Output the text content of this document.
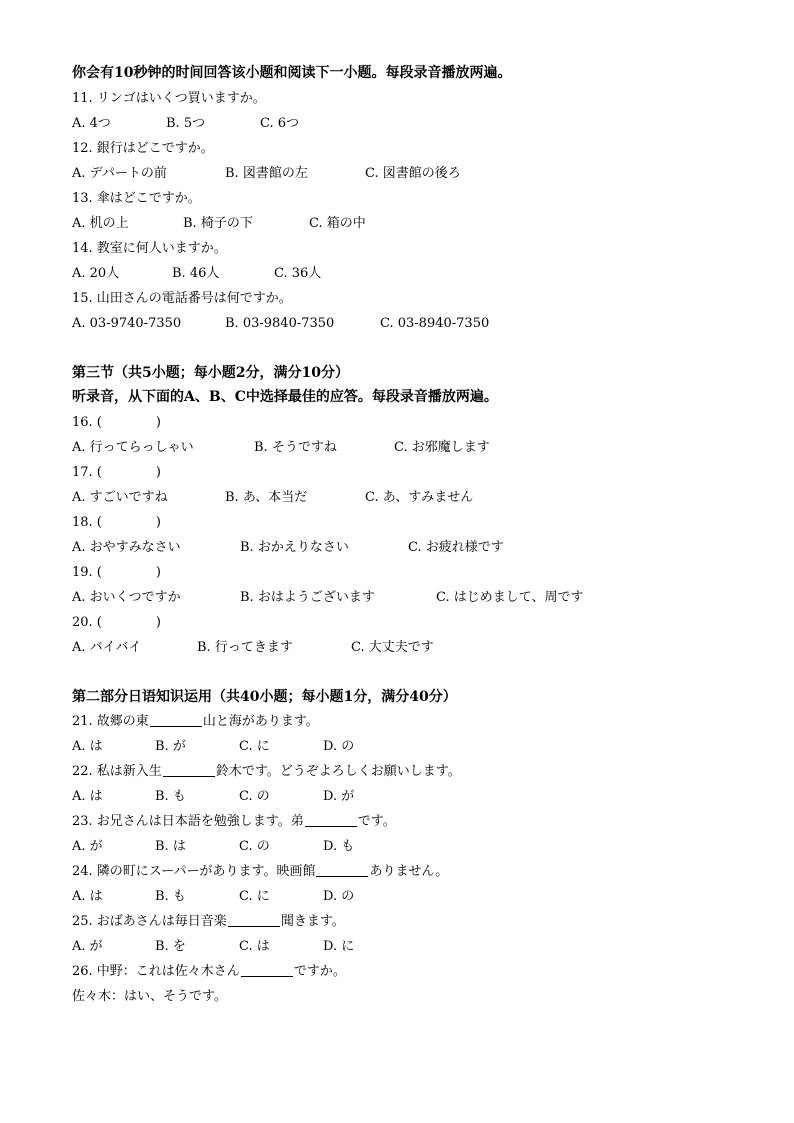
你会有10秒钟的时间回答该小题和阅读下一小题。每段录音播放两遍。
11. リンゴはいくつ買いますか。
A. 4つ	B. 5つ	C. 6つ
12. 銀行はどこですか。
A. デパートの前	B. 図書館の左	C. 図書館の後ろ
13. 傘はどこですか。
A. 机の上	B. 椅子の下	C. 箱の中
14. 教室に何人いますか。
A. 20人	B. 46人	C. 36人
15. 山田さんの電話番号は何ですか。
A. 03-9740-7350	B. 03-9840-7350	C. 03-8940-7350
第三节（共5小题；每小题2分，满分10分）
听录音，从下面的A、B、C中选择最佳的应答。每段录音播放两遍。
16. (	)
A. 行ってらっしゃい	B. そうですね	C. お邪魔します
17. (	)
A. すごいですね	B. あ、本当だ	C. あ、すみません
18. (	)
A. おやすみなさい	B. おかえりなさい	C. お疲れ様です
19. (	)
A. おいくつですか	B. おはようございます	C. はじめまして、周です
20. (	)
A. バイバイ	B. 行ってきます	C. 大丈夫です
第二部分日语知识运用（共40小题；每小题1分，满分40分）
21. 故郷の東	山と海があります。
A. は	B. が	C. に	D. の
22. 私は新入生	鈴木です。どうぞよろしくお願いします。
A. は	B. も	C. の	D. が
23. お兄さんは日本語を勉強します。弟	です。
A. が	B. は	C. の	D. も
24. 隣の町にスーパーがあります。映画館	ありません。
A. は	B. も	C. に	D. の
25. おばあさんは毎日音楽	聞きます。
A. が	B. を	C. は	D. に
26. 中野：これは佐々木さん	ですか。
佐々木：はい、そうです。
